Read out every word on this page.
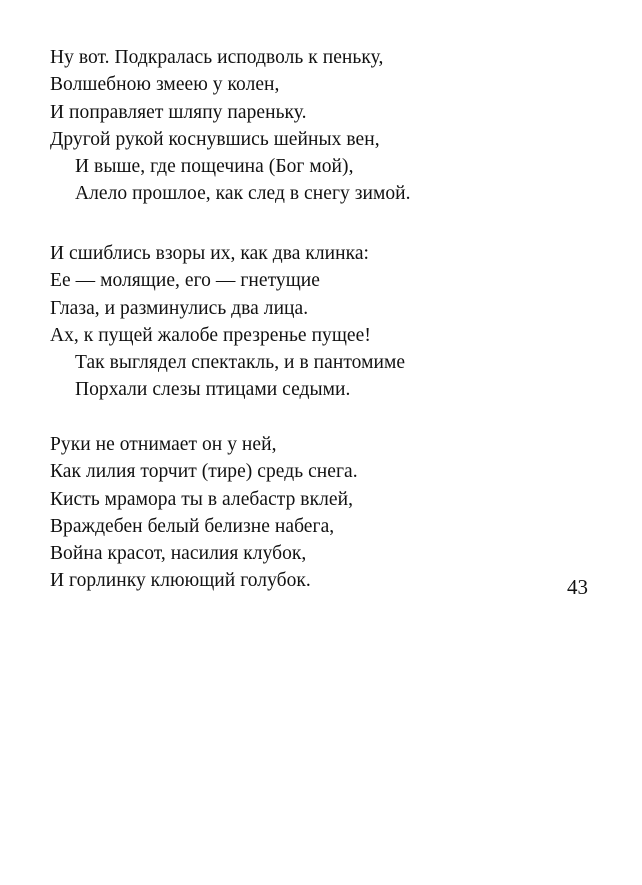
Ну вот. Подкралась исподволь к пеньку,
Волшебною змеею у колен,
И поправляет шляпу пареньку.
Другой рукой коснувшись шейных вен,
И выше, где пощечина (Бог мой),
Алело прошлое, как след в снегу зимой.
И сшиблись взоры их, как два клинка:
Ее — молящие, его — гнетущие
Глаза, и разминулись два лица.
Ах, к пущей жалобе презренье пущее!
Так выглядел спектакль, и в пантомиме
Порхали слезы птицами седыми.
Руки не отнимает он у ней,
Как лилия торчит (тире) средь снега.
Кисть мрамора ты в алебастр вклей,
Враждебен белый белизне набега,
Война красот, насилия клубок,
И горлинку клюющий голубок.	43
